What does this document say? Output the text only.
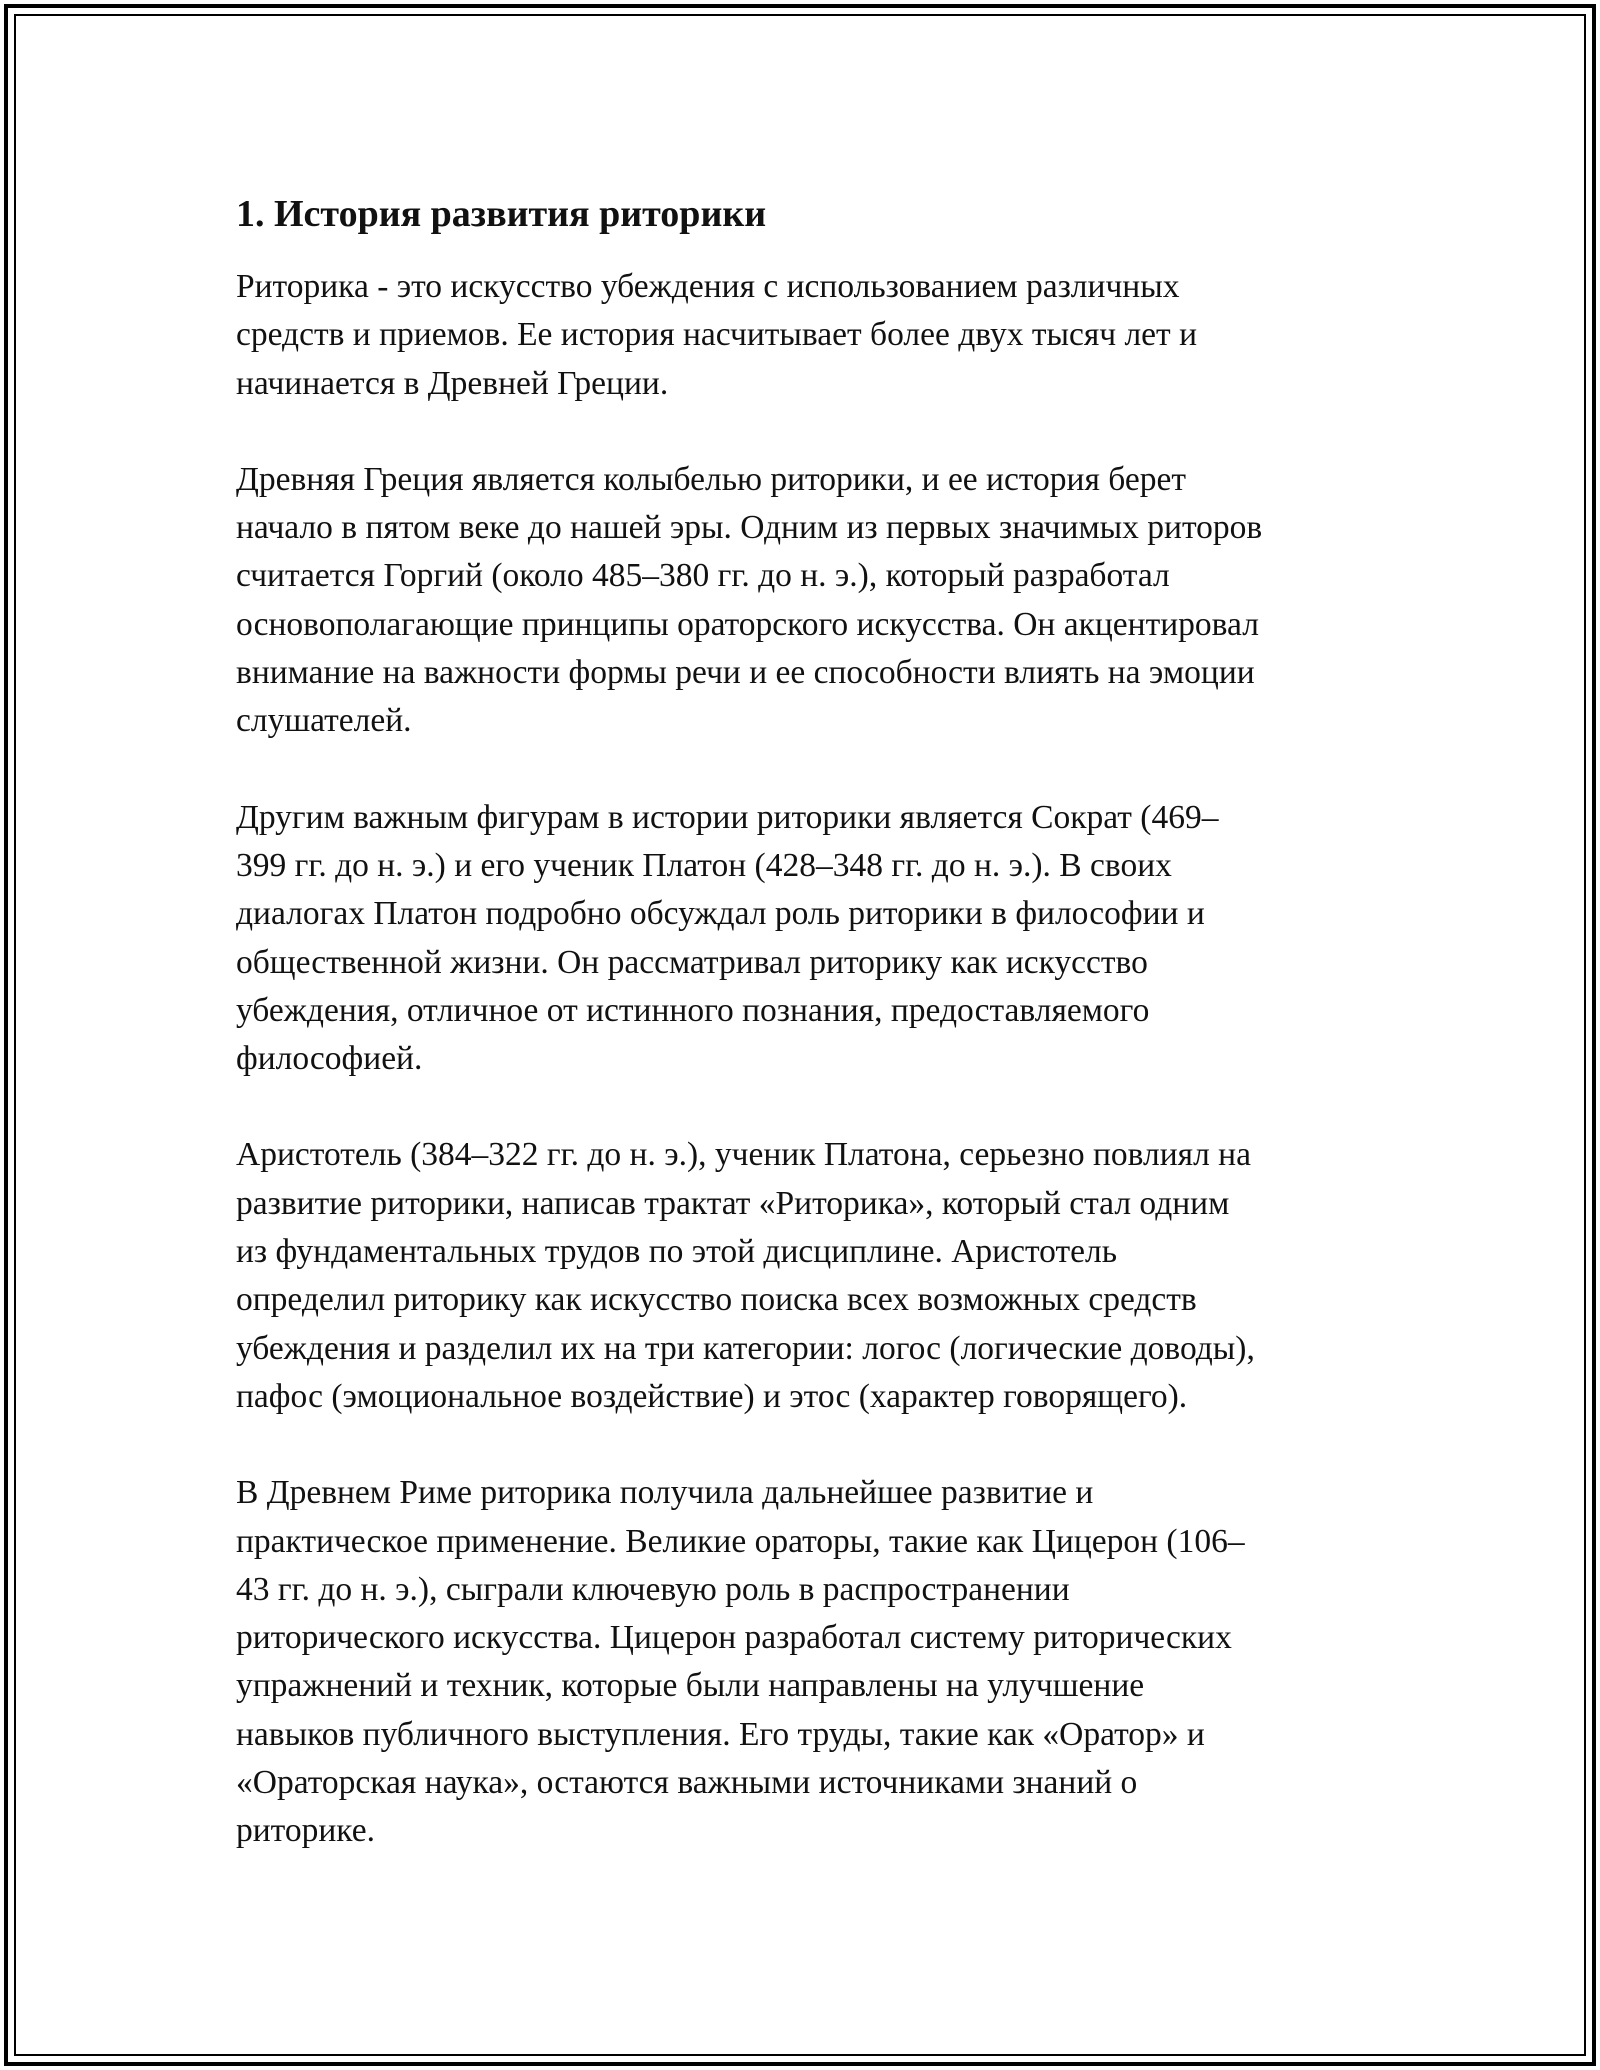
1. История развития риторики

Риторика - это искусство убеждения с использованием различных
средств и приемов. Ее история насчитывает более двух тысяч лет и
начинается в Древней Греции.

Древняя Греция является колыбелью риторики, и ее история берет
начало в пятом веке до нашей эры. Одним из первых значимых риторов
считается Горгий (около 485–380 гг. до н. э.), который разработал
основополагающие принципы ораторского искусства. Он акцентировал
внимание на важности формы речи и ее способности влиять на эмоции
слушателей.

Другим важным фигурам в истории риторики является Сократ (469–
399 гг. до н. э.) и его ученик Платон (428–348 гг. до н. э.). В своих
диалогах Платон подробно обсуждал роль риторики в философии и
общественной жизни. Он рассматривал риторику как искусство
убеждения, отличное от истинного познания, предоставляемого
философией.

Аристотель (384–322 гг. до н. э.), ученик Платона, серьезно повлиял на
развитие риторики, написав трактат «Риторика», который стал одним
из фундаментальных трудов по этой дисциплине. Аристотель
определил риторику как искусство поиска всех возможных средств
убеждения и разделил их на три категории: логос (логические доводы),
пафос (эмоциональное воздействие) и этос (характер говорящего).

В Древнем Риме риторика получила дальнейшее развитие и
практическое применение. Великие ораторы, такие как Цицерон (106–
43 гг. до н. э.), сыграли ключевую роль в распространении
риторического искусства. Цицерон разработал систему риторических
упражнений и техник, которые были направлены на улучшение
навыков публичного выступления. Его труды, такие как «Оратор» и
«Ораторская наука», остаются важными источниками знаний о
риторике.
